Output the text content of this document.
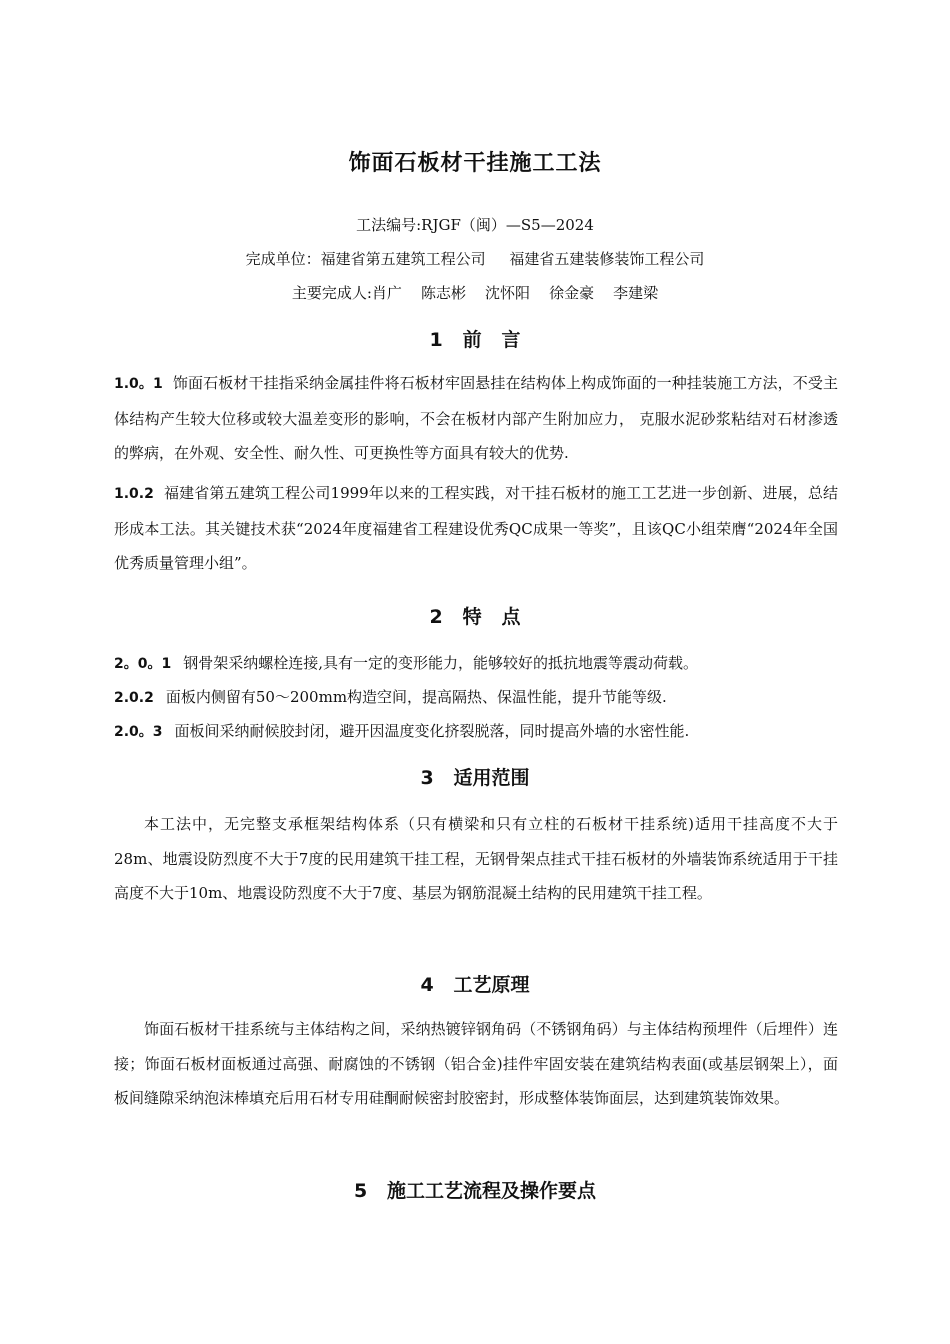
饰面石板材干挂施工工法
工法编号:RJGF（闽）—S5—2024
完成单位：福建省第五建筑工程公司     福建省五建装修装饰工程公司
主要完成人:肖广    陈志彬    沈怀阳    徐金豪    李建梁
1   前   言
1.0。1 饰面石板材干挂指采纳金属挂件将石板材牢固悬挂在结构体上构成饰面的一种挂装施工方法，不受主体结构产生较大位移或较大温差变形的影响，不会在板材内部产生附加应力， 克服水泥砂浆粘结对石材渗透的弊病，在外观、安全性、耐久性、可更换性等方面具有较大的优势.
1.0.2 福建省第五建筑工程公司1999年以来的工程实践，对干挂石板材的施工工艺进一步创新、进展，总结形成本工法。其关键技术获“2024年度福建省工程建设优秀QC成果一等奖”，且该QC小组荣膺“2024年全国优秀质量管理小组”。
2   特   点
2。0。1 钢骨架采纳螺栓连接,具有一定的变形能力，能够较好的抵抗地震等震动荷载。
2.0.2 面板内侧留有50～200mm构造空间，提高隔热、保温性能，提升节能等级.
2.0。3 面板间采纳耐候胶封闭，避开因温度变化挤裂脱落，同时提高外墙的水密性能.
3   适用范围
本工法中，无完整支承框架结构体系（只有横梁和只有立柱的石板材干挂系统)适用干挂高度不大于28m、地震设防烈度不大于7度的民用建筑干挂工程，无钢骨架点挂式干挂石板材的外墙装饰系统适用于干挂高度不大于10m、地震设防烈度不大于7度、基层为钢筋混凝土结构的民用建筑干挂工程。
4   工艺原理
饰面石板材干挂系统与主体结构之间，采纳热镀锌钢角码（不锈钢角码）与主体结构预埋件（后埋件）连接；饰面石板材面板通过高强、耐腐蚀的不锈钢（铝合金)挂件牢固安装在建筑结构表面(或基层钢架上），面板间缝隙采纳泡沫棒填充后用石材专用硅酮耐候密封胶密封，形成整体装饰面层，达到建筑装饰效果。
5   施工工艺流程及操作要点
